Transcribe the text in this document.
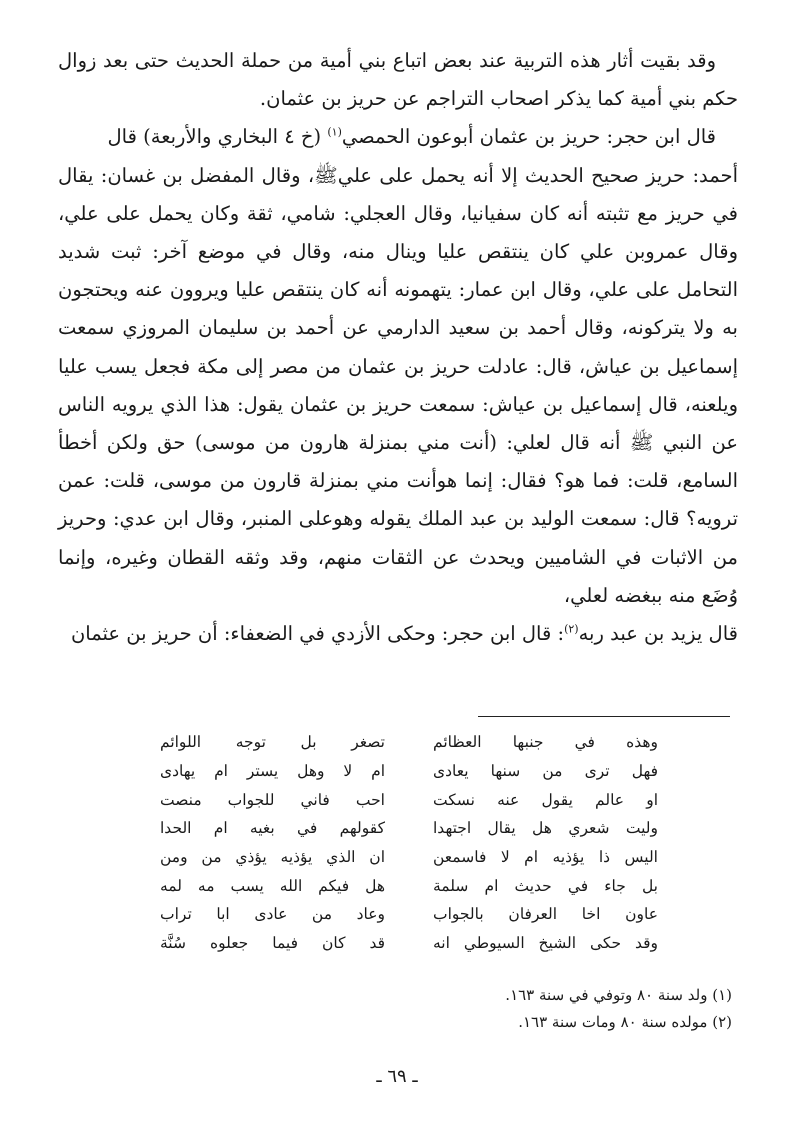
وقد بقيت أثار هذه التربية عند بعض اتباع بني أمية من حملة الحديث حتى بعد زوال حكم بني أمية كما يذكر اصحاب التراجم عن حريز بن عثمان.

قال ابن حجر: حريز بن عثمان أبوعون الحمصي$^{(١)}$ (خ ٤ البخاري والأربعة) قال

أحمد: حريز صحيح الحديث إلا أنه يحمل على عليﷺ، وقال المفضل بن غسان: يقال في حريز مع تثبته أنه كان سفيانيا، وقال العجلي: شامي، ثقة وكان يحمل على علي، وقال عمروبن علي كان ينتقص عليا وينال منه، وقال في موضع آخر: ثبت شديد التحامل على علي، وقال ابن عمار: يتهمونه أنه كان ينتقص عليا ويروون عنه ويحتجون به ولا يتركونه، وقال أحمد بن سعيد الدارمي عن أحمد بن سليمان المروزي سمعت إسماعيل بن عياش، قال: عادلت حريز بن عثمان من مصر إلى مكة فجعل يسب عليا ويلعنه، قال إسماعيل بن عياش: سمعت حريز بن عثمان يقول: هذا الذي يرويه الناس عن النبي ﷺ أنه قال لعلي: (أنت مني بمنزلة هارون من موسى) حق ولكن أخطأ السامع، قلت: فما هو؟ فقال: إنما هوأنت مني بمنزلة قارون من موسى، قلت: عمن ترويه؟ قال: سمعت الوليد بن عبد الملك يقوله وهوعلى المنبر، وقال ابن عدي: وحريز من الاثبات في الشاميين ويحدث عن الثقات منهم، وقد وثقه القطان وغيره، وإنما وُضَع منه ببغضه لعلي،

قال يزيد بن عبد ربه$^{(٢)}$: قال ابن حجر: وحكى الأزدي في الضعفاء: أن حريز بن عثمان

وهذه في جنبها العظائم
تصغر بل توجه اللوائم
فهل ترى من سنها يعادى
ام لا وهل يستر ام يهادى
او عالم يقول عنه نسكت
احب فاني للجواب منصت
وليت شعري هل يقال اجتهدا
كقولهم في بغيه ام الحدا
اليس ذا يؤذيه ام لا فاسمعن
ان الذي يؤذيه يؤذي من ومن
بل جاء في حديث ام سلمة
هل فيكم الله يسب مه لمه
عاون اخا العرفان بالجواب
وعاد من عادى ابا تراب
وقد حكى الشيخ السيوطي انه
قد كان فيما جعلوه سُنَّة
(١) ولد سنة ٨٠ وتوفي في سنة ١٦٣.
(٢) مولده سنة ٨٠ ومات سنة ١٦٣.
ـ ٦٩ ـ
